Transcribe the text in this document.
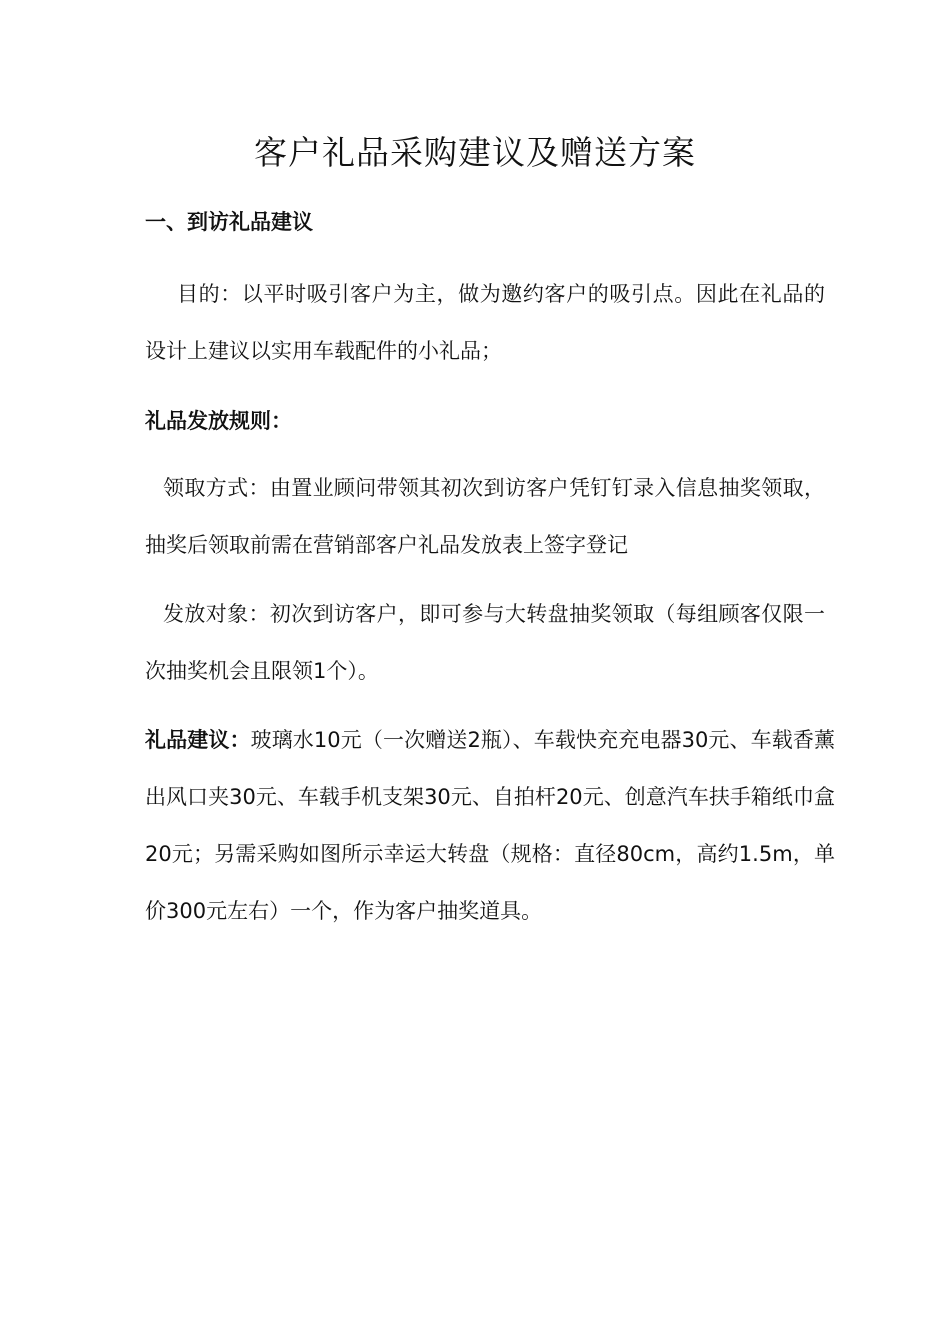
客户礼品采购建议及赠送方案
一、到访礼品建议

目的：以平时吸引客户为主，做为邀约客户的吸引点。因此在礼品的设计上建议以实用车载配件的小礼品；

礼品发放规则：

领取方式：由置业顾问带领其初次到访客户凭钉钉录入信息抽奖领取，抽奖后领取前需在营销部客户礼品发放表上签字登记

发放对象：初次到访客户，即可参与大转盘抽奖领取（每组顾客仅限一次抽奖机会且限领1个）。

礼品建议：玻璃水10元（一次赠送2瓶）、车载快充充电器30元、车载香薰出风口夹30元、车载手机支架30元、自拍杆20元、创意汽车扶手箱纸巾盒20元；另需采购如图所示幸运大转盘（规格：直径80cm，高约1.5m，单价300元左右）一个，作为客户抽奖道具。
